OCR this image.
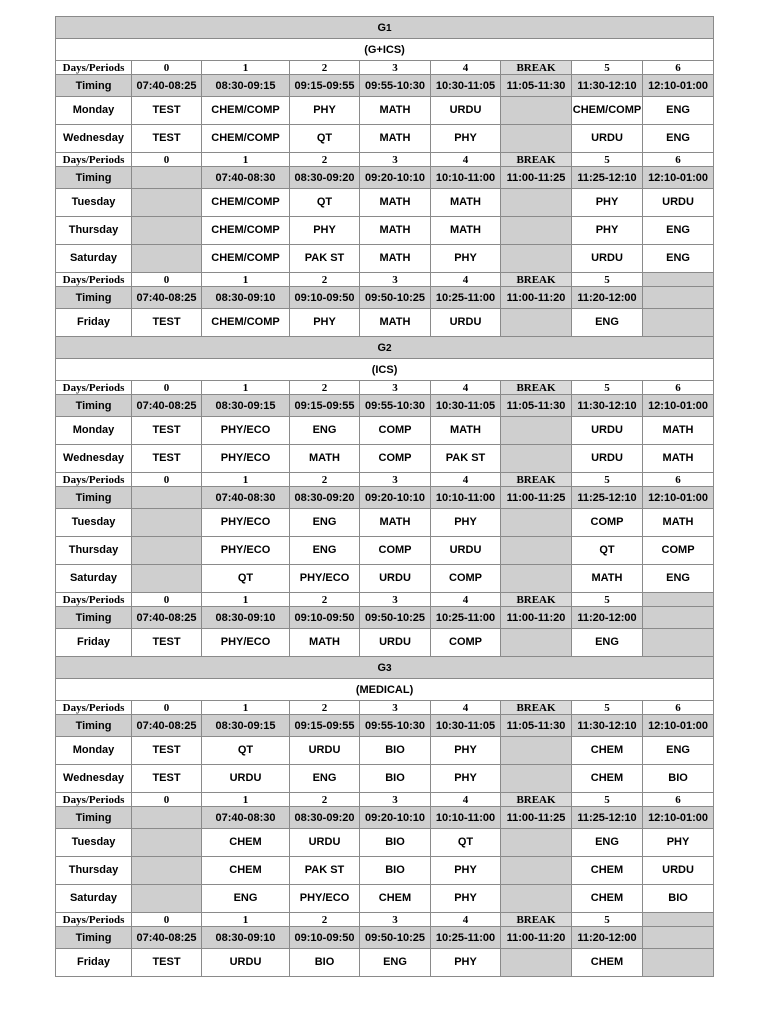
G1								
(G+ICS)								
Days/Periods	0	1	2	3	4	BREAK	5	6
Timing	07:40-08:25	08:30-09:15	09:15-09:55	09:55-10:30	10:30-11:05	11:05-11:30	11:30-12:10	12:10-01:00
Monday	TEST	CHEM/COMP	PHY	MATH	URDU		CHEM/COMP	ENG
Wednesday	TEST	CHEM/COMP	QT	MATH	PHY		URDU	ENG
Days/Periods	0	1	2	3	4	BREAK	5	6
Timing		07:40-08:30	08:30-09:20	09:20-10:10	10:10-11:00	11:00-11:25	11:25-12:10	12:10-01:00
Tuesday		CHEM/COMP	QT	MATH	MATH		PHY	URDU
Thursday		CHEM/COMP	PHY	MATH	MATH		PHY	ENG
Saturday		CHEM/COMP	PAK ST	MATH	PHY		URDU	ENG
Days/Periods	0	1	2	3	4	BREAK	5	
Timing	07:40-08:25	08:30-09:10	09:10-09:50	09:50-10:25	10:25-11:00	11:00-11:20	11:20-12:00	
Friday	TEST	CHEM/COMP	PHY	MATH	URDU		ENG	
G2								
(ICS)								
Days/Periods	0	1	2	3	4	BREAK	5	6
Timing	07:40-08:25	08:30-09:15	09:15-09:55	09:55-10:30	10:30-11:05	11:05-11:30	11:30-12:10	12:10-01:00
Monday	TEST	PHY/ECO	ENG	COMP	MATH		URDU	MATH
Wednesday	TEST	PHY/ECO	MATH	COMP	PAK ST		URDU	MATH
Days/Periods	0	1	2	3	4	BREAK	5	6
Timing		07:40-08:30	08:30-09:20	09:20-10:10	10:10-11:00	11:00-11:25	11:25-12:10	12:10-01:00
Tuesday		PHY/ECO	ENG	MATH	PHY		COMP	MATH
Thursday		PHY/ECO	ENG	COMP	URDU		QT	COMP
Saturday		QT	PHY/ECO	URDU	COMP		MATH	ENG
Days/Periods	0	1	2	3	4	BREAK	5	
Timing	07:40-08:25	08:30-09:10	09:10-09:50	09:50-10:25	10:25-11:00	11:00-11:20	11:20-12:00	
Friday	TEST	PHY/ECO	MATH	URDU	COMP		ENG	
G3								
(MEDICAL)								
Days/Periods	0	1	2	3	4	BREAK	5	6
Timing	07:40-08:25	08:30-09:15	09:15-09:55	09:55-10:30	10:30-11:05	11:05-11:30	11:30-12:10	12:10-01:00
Monday	TEST	QT	URDU	BIO	PHY		CHEM	ENG
Wednesday	TEST	URDU	ENG	BIO	PHY		CHEM	BIO
Days/Periods	0	1	2	3	4	BREAK	5	6
Timing		07:40-08:30	08:30-09:20	09:20-10:10	10:10-11:00	11:00-11:25	11:25-12:10	12:10-01:00
Tuesday		CHEM	URDU	BIO	QT		ENG	PHY
Thursday		CHEM	PAK ST	BIO	PHY		CHEM	URDU
Saturday		ENG	PHY/ECO	CHEM	PHY		CHEM	BIO
Days/Periods	0	1	2	3	4	BREAK	5	
Timing	07:40-08:25	08:30-09:10	09:10-09:50	09:50-10:25	10:25-11:00	11:00-11:20	11:20-12:00	
Friday	TEST	URDU	BIO	ENG	PHY		CHEM	
